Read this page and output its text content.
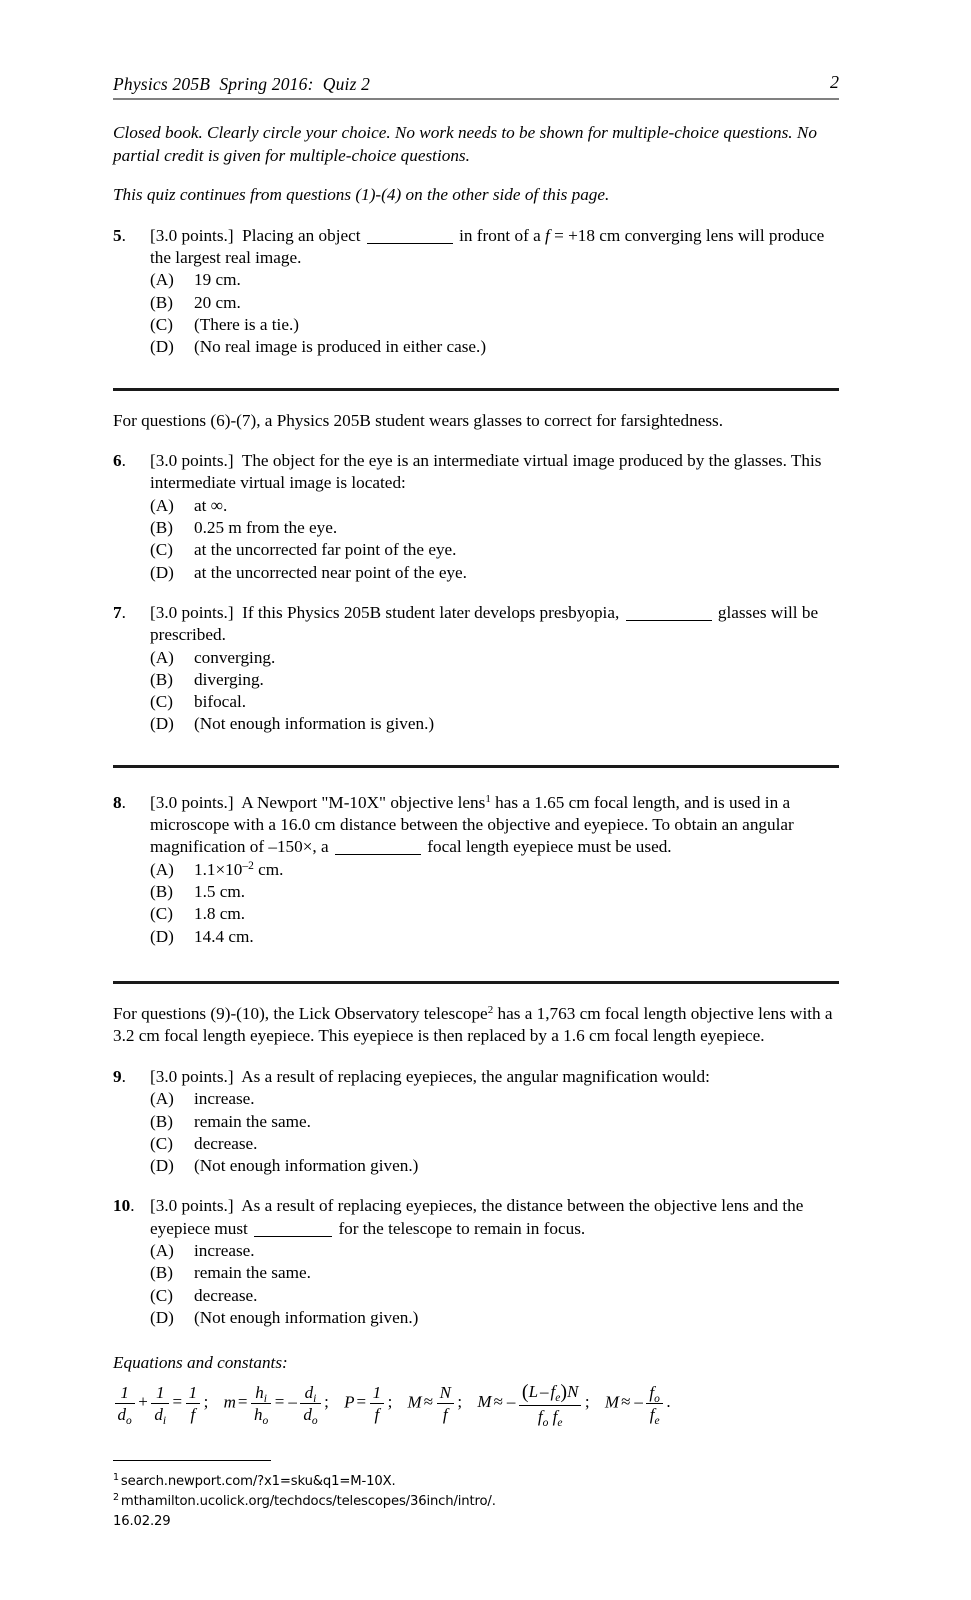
Physics 205B  Spring 2016:  Quiz 2	2
Closed book. Clearly circle your choice. No work needs to be shown for multiple-choice questions. No partial credit is given for multiple-choice questions.
This quiz continues from questions (1)-(4) on the other side of this page.
5.	[3.0 points.] Placing an object	in front of a f = +18 cm converging lens will produce the largest real image.
(A) 19 cm.
(B) 20 cm.
(C) (There is a tie.)
(D) (No real image is produced in either case.)
For questions (6)-(7), a Physics 205B student wears glasses to correct for farsightedness.
6.	[3.0 points.] The object for the eye is an intermediate virtual image produced by the glasses. This intermediate virtual image is located:
(A) at ∞.
(B) 0.25 m from the eye.
(C) at the uncorrected far point of the eye.
(D) at the uncorrected near point of the eye.
7.	[3.0 points.] If this Physics 205B student later develops presbyopia,	glasses will be prescribed.
(A) converging.
(B) diverging.
(C) bifocal.
(D) (Not enough information is given.)
8.	[3.0 points.] A Newport "M-10X" objective lens$^1$ has a 1.65 cm focal length, and is used in a microscope with a 16.0 cm distance between the objective and eyepiece. To obtain an angular magnification of –150×, a	focal length eyepiece must be used.
(A) $1.1\times 10^{-2}$ cm.
(B) 1.5 cm.
(C) 1.8 cm.
(D) 14.4 cm.
For questions (9)-(10), the Lick Observatory telescope$^2$ has a 1,763 cm focal length objective lens with a 3.2 cm focal length eyepiece. This eyepiece is then replaced by a 1.6 cm focal length eyepiece.
9.	[3.0 points.] As a result of replacing eyepieces, the angular magnification would:
(A) increase.
(B) remain the same.
(C) decrease.
(D) (Not enough information given.)
10. [3.0 points.] As a result of replacing eyepieces, the distance between the objective lens and the eyepiece must	for the telescope to remain in focus.
(A) increase.
(B) remain the same.
(C) decrease.
(D) (Not enough information given.)
Equations and constants:
$\frac{1}{d_o} + \frac{1}{d_i} = \frac{1}{f}$ ; $m = \frac{h_i}{h_o}$ = – $\frac{d_i}{d_o}$ ; $P = \frac{1}{f}$ ; $M \approx \frac{N}{f}$ ; M ≈ – $\frac{(L - f_e)N}{f_o f_e}$ ; M ≈ – $\frac{f_o}{f_e}$ .
$^1$ search.newport.com/?x1=sku&q1=M-10X.
$^2$ mthamilton.ucolick.org/techdocs/telescopes/36inch/intro/.
16.02.29
